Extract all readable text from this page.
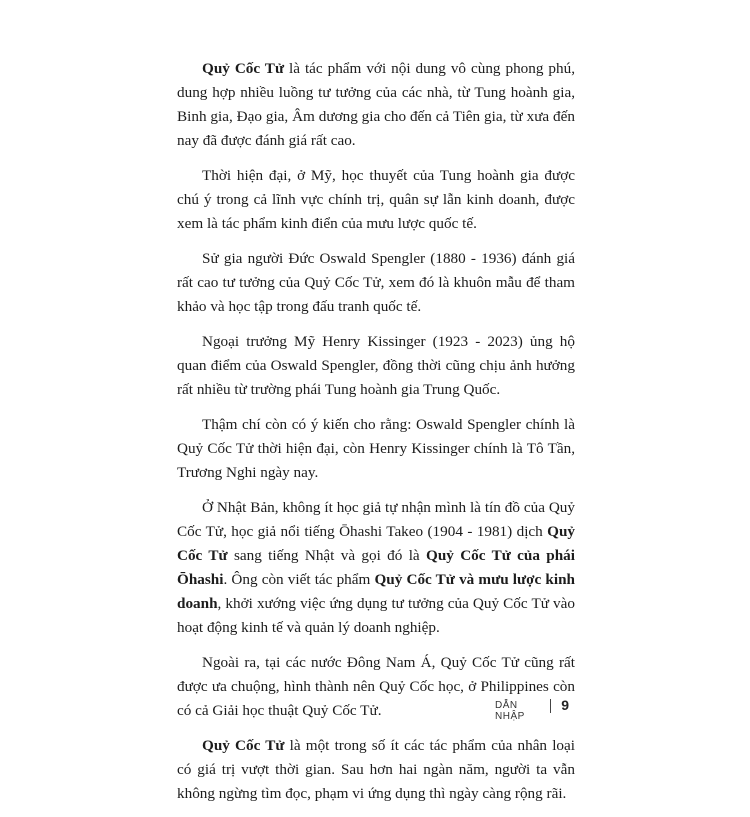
Quỷ Cốc Tử là tác phẩm với nội dung vô cùng phong phú, dung hợp nhiều luồng tư tưởng của các nhà, từ Tung hoành gia, Binh gia, Đạo gia, Âm dương gia cho đến cả Tiên gia, từ xưa đến nay đã được đánh giá rất cao.

Thời hiện đại, ở Mỹ, học thuyết của Tung hoành gia được chú ý trong cả lĩnh vực chính trị, quân sự lẫn kinh doanh, được xem là tác phẩm kinh điển của mưu lược quốc tế.

Sử gia người Đức Oswald Spengler (1880 - 1936) đánh giá rất cao tư tưởng của Quỷ Cốc Tử, xem đó là khuôn mẫu để tham khảo và học tập trong đấu tranh quốc tế.

Ngoại trưởng Mỹ Henry Kissinger (1923 - 2023) ủng hộ quan điểm của Oswald Spengler, đồng thời cũng chịu ảnh hưởng rất nhiều từ trường phái Tung hoành gia Trung Quốc.

Thậm chí còn có ý kiến cho rằng: Oswald Spengler chính là Quỷ Cốc Tử thời hiện đại, còn Henry Kissinger chính là Tô Tần, Trương Nghi ngày nay.

Ở Nhật Bản, không ít học giả tự nhận mình là tín đồ của Quỷ Cốc Tử, học giả nổi tiếng Ōhashi Takeo (1904 - 1981) dịch Quỷ Cốc Tử sang tiếng Nhật và gọi đó là Quỷ Cốc Tử của phái Ōhashi. Ông còn viết tác phẩm Quỷ Cốc Tử và mưu lược kinh doanh, khởi xướng việc ứng dụng tư tưởng của Quỷ Cốc Tử vào hoạt động kinh tế và quản lý doanh nghiệp.

Ngoài ra, tại các nước Đông Nam Á, Quỷ Cốc Tử cũng rất được ưa chuộng, hình thành nên Quỷ Cốc học, ở Philippines còn có cả Giải học thuật Quỷ Cốc Tử.

Quỷ Cốc Tử là một trong số ít các tác phẩm của nhân loại có giá trị vượt thời gian. Sau hơn hai ngàn năm, người ta vẫn không ngừng tìm đọc, phạm vi ứng dụng thì ngày càng rộng rãi.

DẪN NHẬP
9
